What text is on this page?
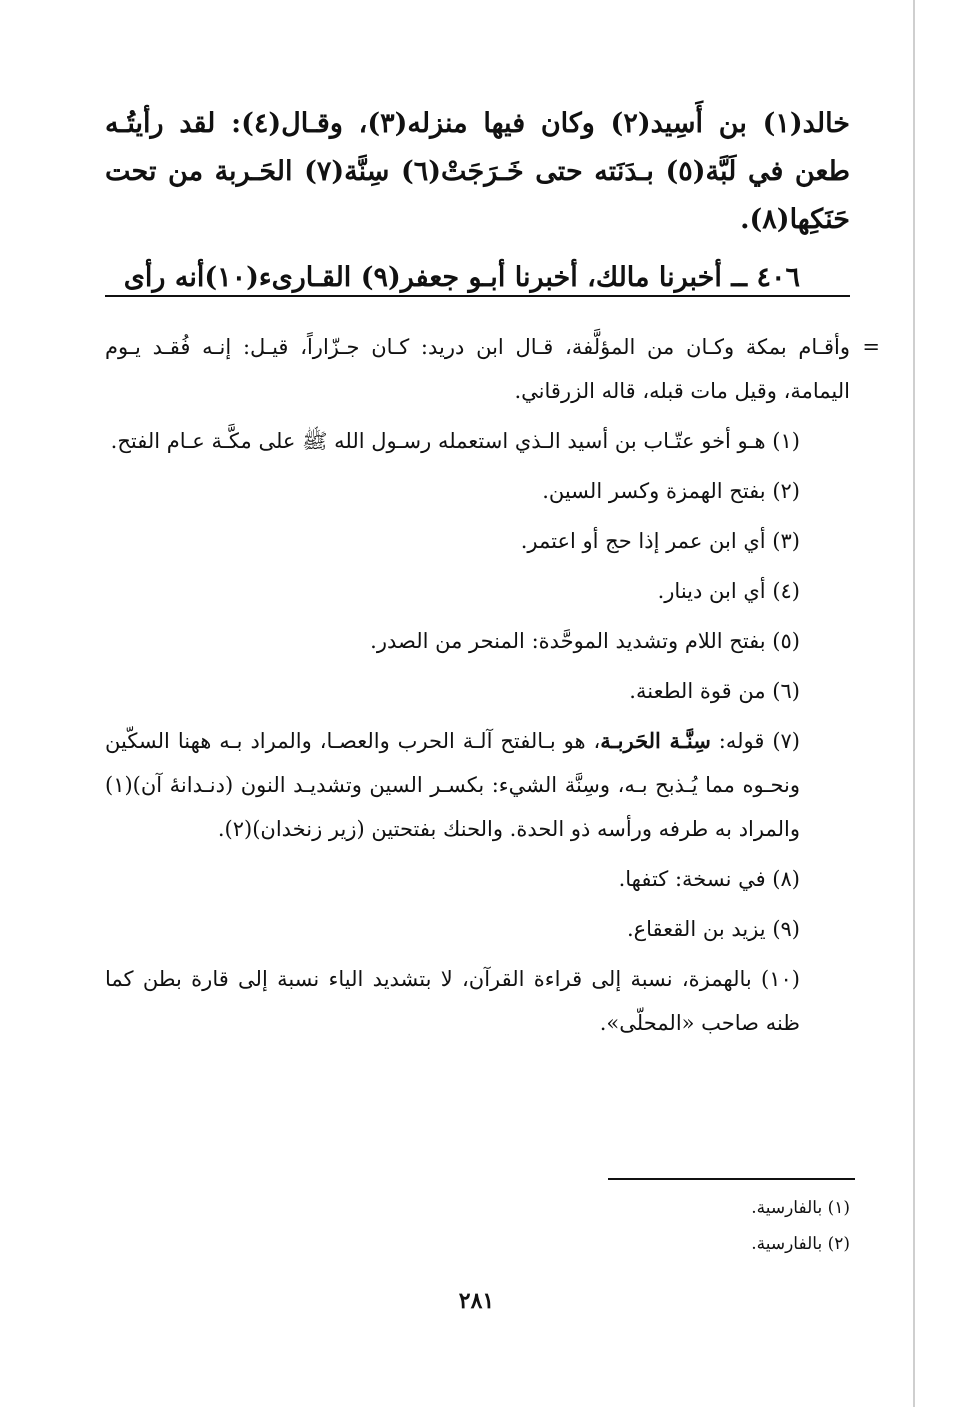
خالد(١) بن أَسِيد(٢) وكان فيها منزله(٣)، وقـال(٤): لقد رأيتُـه طعن في لَبَّة(٥) بـدَنَته حتى خَـرَجَتْ(٦) سِنَّة(٧) الحَـربة من تحت حَنَكِها(٨).

٤٠٦ ــ أخبرنا مالك، أخبرنا أبـو جعفر(٩) القـارىء(١٠)أنه رأى

=
وأقـام بمكة وكـان من المؤلَّفة، قـال ابن دريد: كـان جـزّاراً، قيـل: إنـه فُقـد يـوم اليمامة، وقيل مات قبله، قاله الزرقاني.

(١) هـو أخو عتّـاب بن أسيد الـذي استعمله رسـول الله ﷺ على مكَّـة عـام الفتح.

(٢) بفتح الهمزة وكسر السين.

(٣) أي ابن عمر إذا حج أو اعتمر.

(٤) أي ابن دينار.

(٥) بفتح اللام وتشديد الموحَّدة: المنحر من الصدر.

(٦) من قوة الطعنة.

(٧) قوله: سِنَّـة الحَربـة، هو بـالفتح آلـة الحرب والعصـا، والمراد بـه ههنا السكّين ونحـوه مما يُـذبح بـه، وسِنَّة الشيء: بكسـر السين وتشديـد النون (دنـدانهٔ آن)(١) والمراد به طرفه ورأسه ذو الحدة. والحنك بفتحتين (زير زنخدان)(٢).

(٨) في نسخة: كتفها.

(٩) يزيد بن القعقاع.

(١٠) بالهمزة، نسبة إلى قراءة القرآن، لا بتشديد الياء نسبة إلى قارة بطن كما ظنه صاحب «المحلّى».

(١) بالفارسية.

(٢) بالفارسية.

٢٨١
